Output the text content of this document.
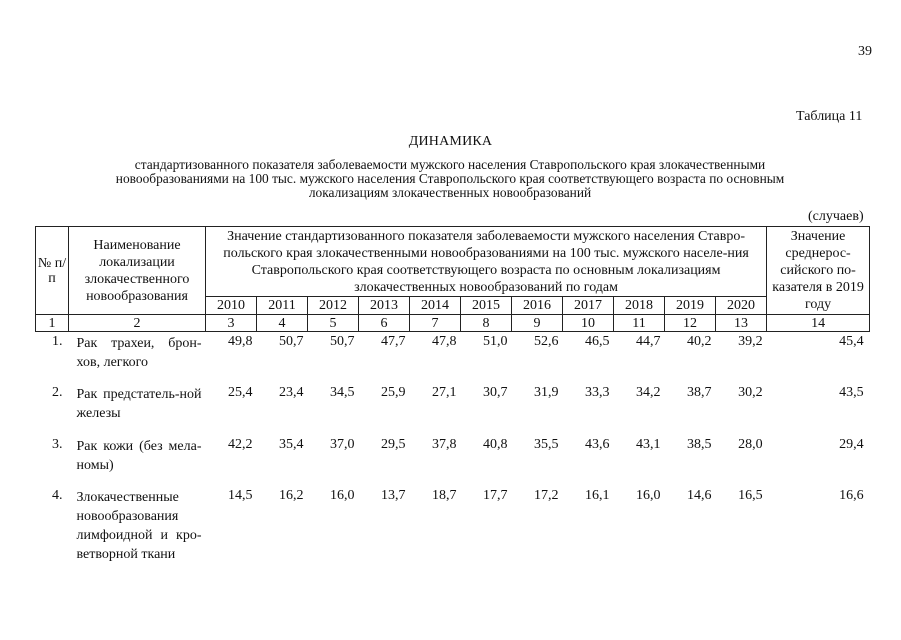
39
Таблица 11
ДИНАМИКА
стандартизованного показателя заболеваемости мужского населения Ставропольского края злокачественными новообразованиями на 100 тыс. мужского населения Ставропольского края соответствующего возраста по основным локализациям злокачественных новообразований
(случаев)
№ п/п	Наименование локализации злокачественного новообразования	Значение стандартизованного показателя заболеваемости мужского населения Ставро-польского края злокачественными новообразованиями на 100 тыс. мужского населе-ния Ставропольского края соответствующего возраста по основным локализациям злокачественных новообразований по годам											Значение среднерос-сийского по-казателя в 2019 году
		2010	2011	2012	2013	2014	2015	2016	2017	2018	2019	2020	
1	2	3	4	5	6	7	8	9	10	11	12	13	14
1.	Рак трахеи, брон-хов, легкого	49,8	50,7	50,7	47,7	47,8	51,0	52,6	46,5	44,7	40,2	39,2	45,4
2.	Рак предстатель-ной железы	25,4	23,4	34,5	25,9	27,1	30,7	31,9	33,3	34,2	38,7	30,2	43,5
3.	Рак кожи (без мела-номы)	42,2	35,4	37,0	29,5	37,8	40,8	35,5	43,6	43,1	38,5	28,0	29,4
4.	Злокачественные новообразования лимфоидной и кро-ветворной ткани	14,5	16,2	16,0	13,7	18,7	17,7	17,2	16,1	16,0	14,6	16,5	16,6
